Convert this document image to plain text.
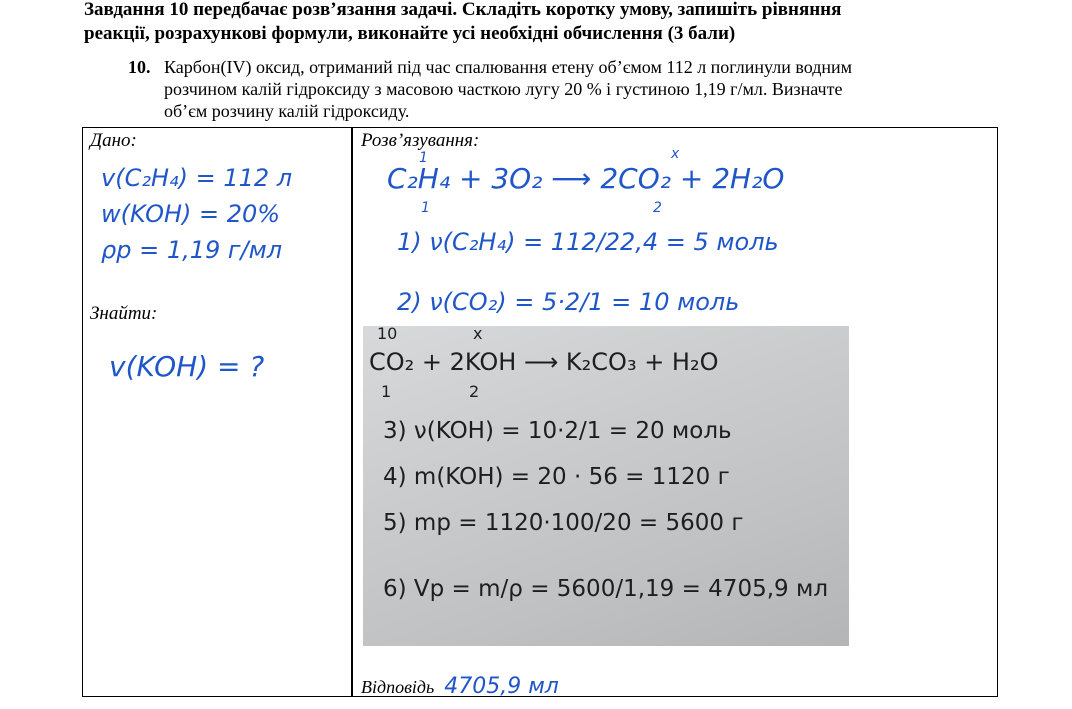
Завдання 10 передбачає розв’язання задачі. Складіть коротку умову, запишіть рівняння
реакції, розрахункові формули, виконайте усі необхідні обчислення (3 бали)
10. Карбон(IV) оксид, отриманий під час спалювання етену об’ємом 112 л поглинули водним
розчином калій гідроксиду з масовою часткою лугу 20 % і густиною 1,19 г/мл. Визначте
об’єм розчину калій гідроксиду.
Дано:
v(C₂H₄) = 112 л
w(KOH) = 20%
ρр = 1,19 г/мл
Знайти:
v(KOH) = ?
Розв’язування:
1	x
C₂H₄ + 3O₂ ⟶ 2CO₂ + 2H₂O
1	2
1) ν(C₂H₄) = 112/22,4 = 5 моль
2) ν(CO₂) = 5·2/1 = 10 моль
10	x
CO₂ + 2KOH ⟶ K₂CO₃ + H₂O
1	2
3) ν(KOH) = 10·2/1 = 20 моль
4) m(KOH) = 20 · 56 = 1120 г
5) mр = 1120·100/20 = 5600 г
6) Vр = m/ρ = 5600/1,19 = 4705,9 мл
Відповідь 4705,9 мл
